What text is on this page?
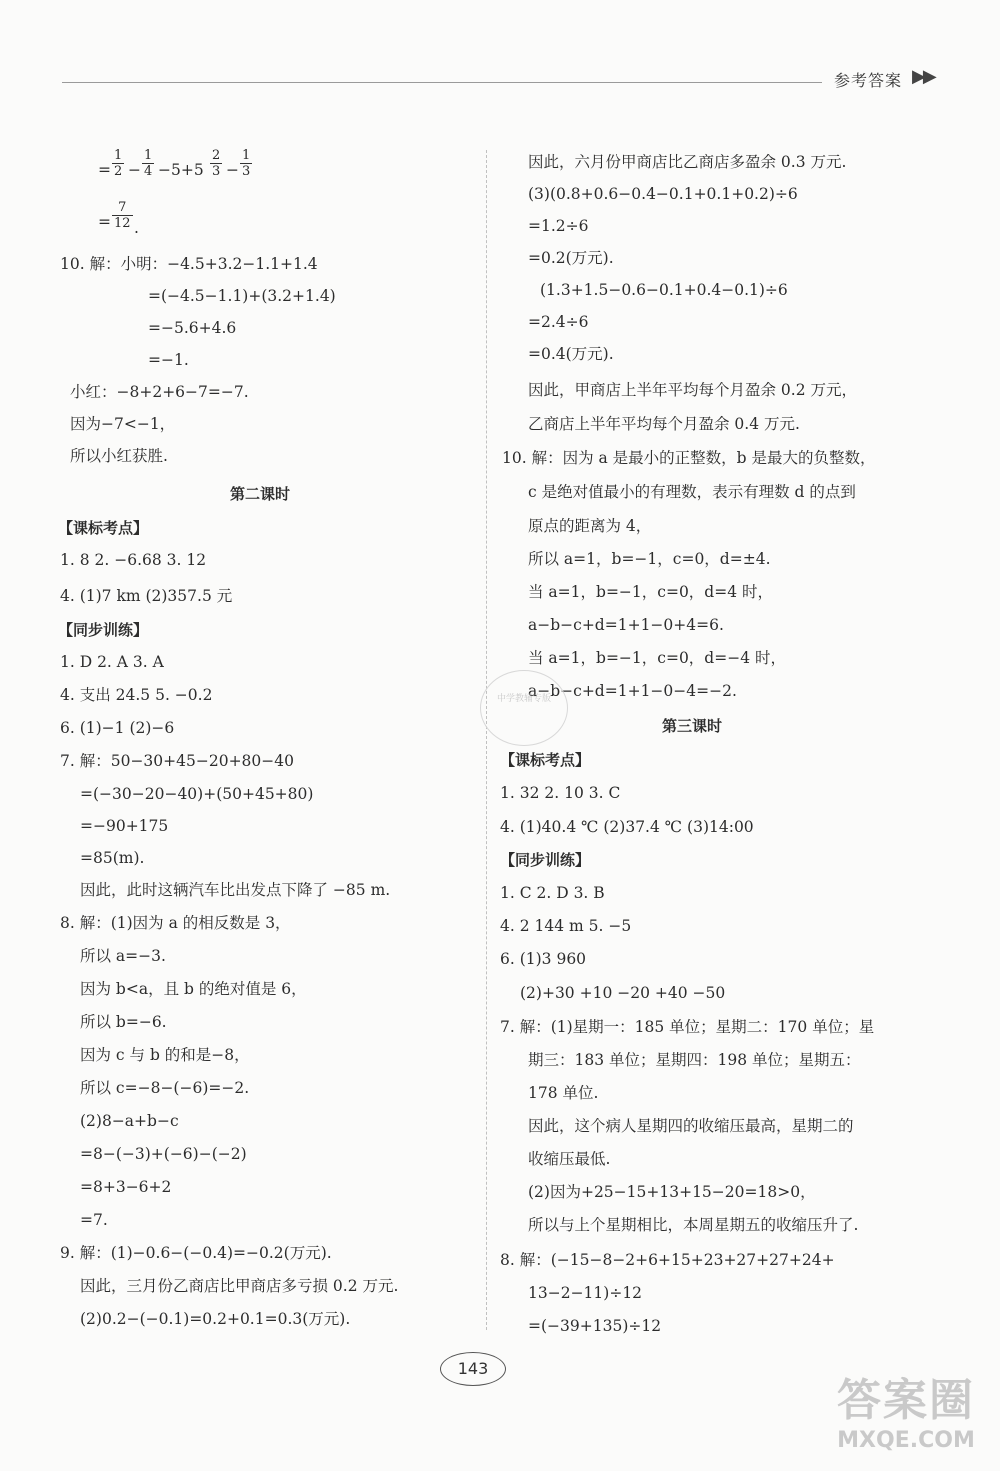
参考答案 ▶▶
= $\frac{1}{2} - \frac{1}{4} -5+5 \frac{2}{3} - \frac{1}{3}$
= $\frac{7}{12}$ .
10. 解：小明：−4.5+3.2−1.1+1.4
=(−4.5−1.1)+(3.2+1.4)
=−5.6+4.6
=−1.
小红：−8+2+6−7=−7.
因为−7<−1，
所以小红获胜.
第二课时
【课标考点】
1. 8 2. −6.68 3. 12
4. (1)7 km (2)357.5 元
【同步训练】
1. D 2. A 3. A
4. 支出 24.5 5. −0.2
6. (1)−1 (2)−6
7. 解：50−30+45−20+80−40
=(−30−20−40)+(50+45+80)
=−90+175
=85(m).
因此，此时这辆汽车比出发点下降了 −85 m.
8. 解：(1)因为 a 的相反数是 3，
所以 a=−3.
因为 b<a，且 b 的绝对值是 6，
所以 b=−6.
因为 c 与 b 的和是−8，
所以 c=−8−(−6)=−2.
(2)8−a+b−c
=8−(−3)+(−6)−(−2)
=8+3−6+2
=7.
9. 解：(1)−0.6−(−0.4)=−0.2(万元).
因此，三月份乙商店比甲商店多亏损 0.2 万元.
(2)0.2−(−0.1)=0.2+0.1=0.3(万元).
因此，六月份甲商店比乙商店多盈余 0.3 万元.
(3)(0.8+0.6−0.4−0.1+0.1+0.2)÷6
=1.2÷6
=0.2(万元).
(1.3+1.5−0.6−0.1+0.4−0.1)÷6
=2.4÷6
=0.4(万元).
因此，甲商店上半年平均每个月盈余 0.2 万元，
乙商店上半年平均每个月盈余 0.4 万元.
10. 解：因为 a 是最小的正整数，b 是最大的负整数，
c 是绝对值最小的有理数，表示有理数 d 的点到
原点的距离为 4，
所以 a=1，b=−1，c=0，d=±4.
当 a=1，b=−1，c=0，d=4 时，
a−b−c+d=1+1−0+4=6.
当 a=1，b=−1，c=0，d=−4 时，
a−b−c+d=1+1−0−4=−2.
第三课时
【课标考点】
1. 32 2. 10 3. C
4. (1)40.4 ℃ (2)37.4 ℃ (3)14:00
【同步训练】
1. C 2. D 3. B
4. 2 144 m 5. −5
6. (1)3 960
(2)+30 +10 −20 +40 −50
7. 解：(1)星期一：185 单位；星期二：170 单位；星
期三：183 单位；星期四：198 单位；星期五：
178 单位.
因此，这个病人星期四的收缩压最高，星期二的
收缩压最低.
(2)因为+25−15+13+15−20=18>0，
所以与上个星期相比，本周星期五的收缩压升了.
8. 解：(−15−8−2+6+15+23+27+27+24+
13−2−11)÷12
=(−39+135)÷12
中学教辅专版
143
答案圈
MXQE.COM
